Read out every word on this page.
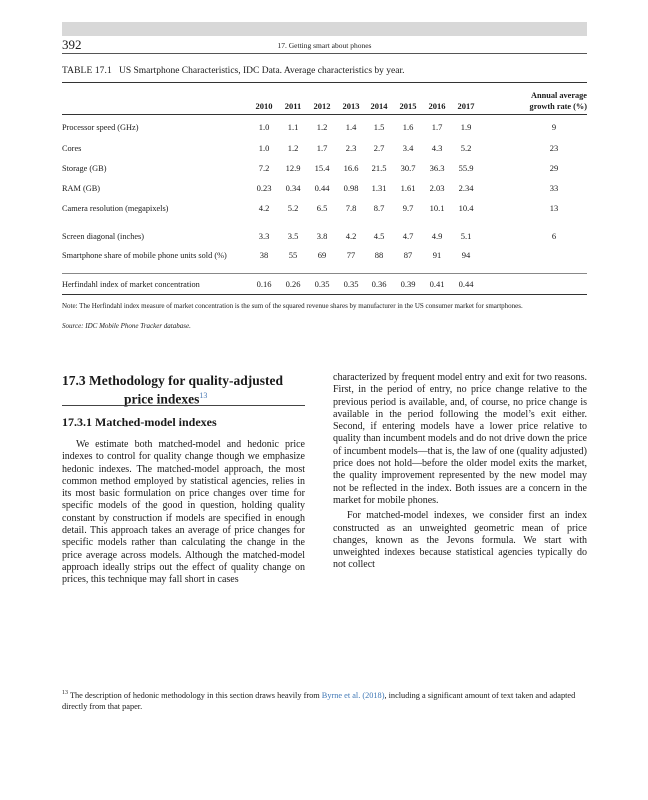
392	17. Getting smart about phones
TABLE 17.1 US Smartphone Characteristics, IDC Data. Average characteristics by year.
2010	2011	2012	2013	2014	2015	2016	2017
Annual average
growth rate (%)
Processor speed (GHz)	1.0	1.1	1.2	1.4	1.5	1.6	1.7	1.9	9
Cores	1.0	1.2	1.7	2.3	2.7	3.4	4.3	5.2	23
Storage (GB)	7.2	12.9	15.4	16.6	21.5	30.7	36.3	55.9	29
RAM (GB)	0.23	0.34	0.44	0.98	1.31	1.61	2.03	2.34	33
Camera resolution (megapixels)	4.2	5.2	6.5	7.8	8.7	9.7	10.1	10.4	13
Screen diagonal (inches)	3.3	3.5	3.8	4.2	4.5	4.7	4.9	5.1	6
Smartphone share of mobile phone units sold (%)	38	55	69	77	88	87	91	94
Herfindahl index of market concentration	0.16	0.26	0.35	0.35	0.36	0.39	0.41	0.44
Note: The Herfindahl index measure of market concentration is the sum of the squared revenue shares by manufacturer in the US consumer market for smartphones.
Source: IDC Mobile Phone Tracker database.
17.3 Methodology for quality-adjusted
price indexes$^{13}$
17.3.1 Matched-model indexes

We estimate both matched-model and hedonic price indexes to control for quality change though we emphasize hedonic indexes. The matched-model approach, the most common method employed by statistical agencies, relies in its most basic formulation on price changes over time for specific models of the good in question, holding quality constant by construction if models are specified in enough detail. This approach takes an average of price changes for specific models rather than calculating the change in the price average across models. Although the matched-model approach ideally strips out the effect of quality change on prices, this technique may fall short in cases

characterized by frequent model entry and exit for two reasons. First, in the period of entry, no price change relative to the previous period is available, and, of course, no price change is available in the period following the model’s exit either. Second, if entering models have a lower price relative to quality than incumbent models and do not drive down the price of incumbent models—that is, the law of one (quality adjusted) price does not hold—before the older model exits the market, the quality improvement represented by the new model may not be reflected in the index. Both issues are a concern in the market for mobile phones.

For matched-model indexes, we consider first an index constructed as an unweighted geometric mean of price changes, known as the Jevons formula. We start with unweighted indexes because statistical agencies typically do not collect

$^{13}$ The description of hedonic methodology in this section draws heavily from Byrne et al. (2018), including a significant amount of text taken and adapted directly from that paper.
